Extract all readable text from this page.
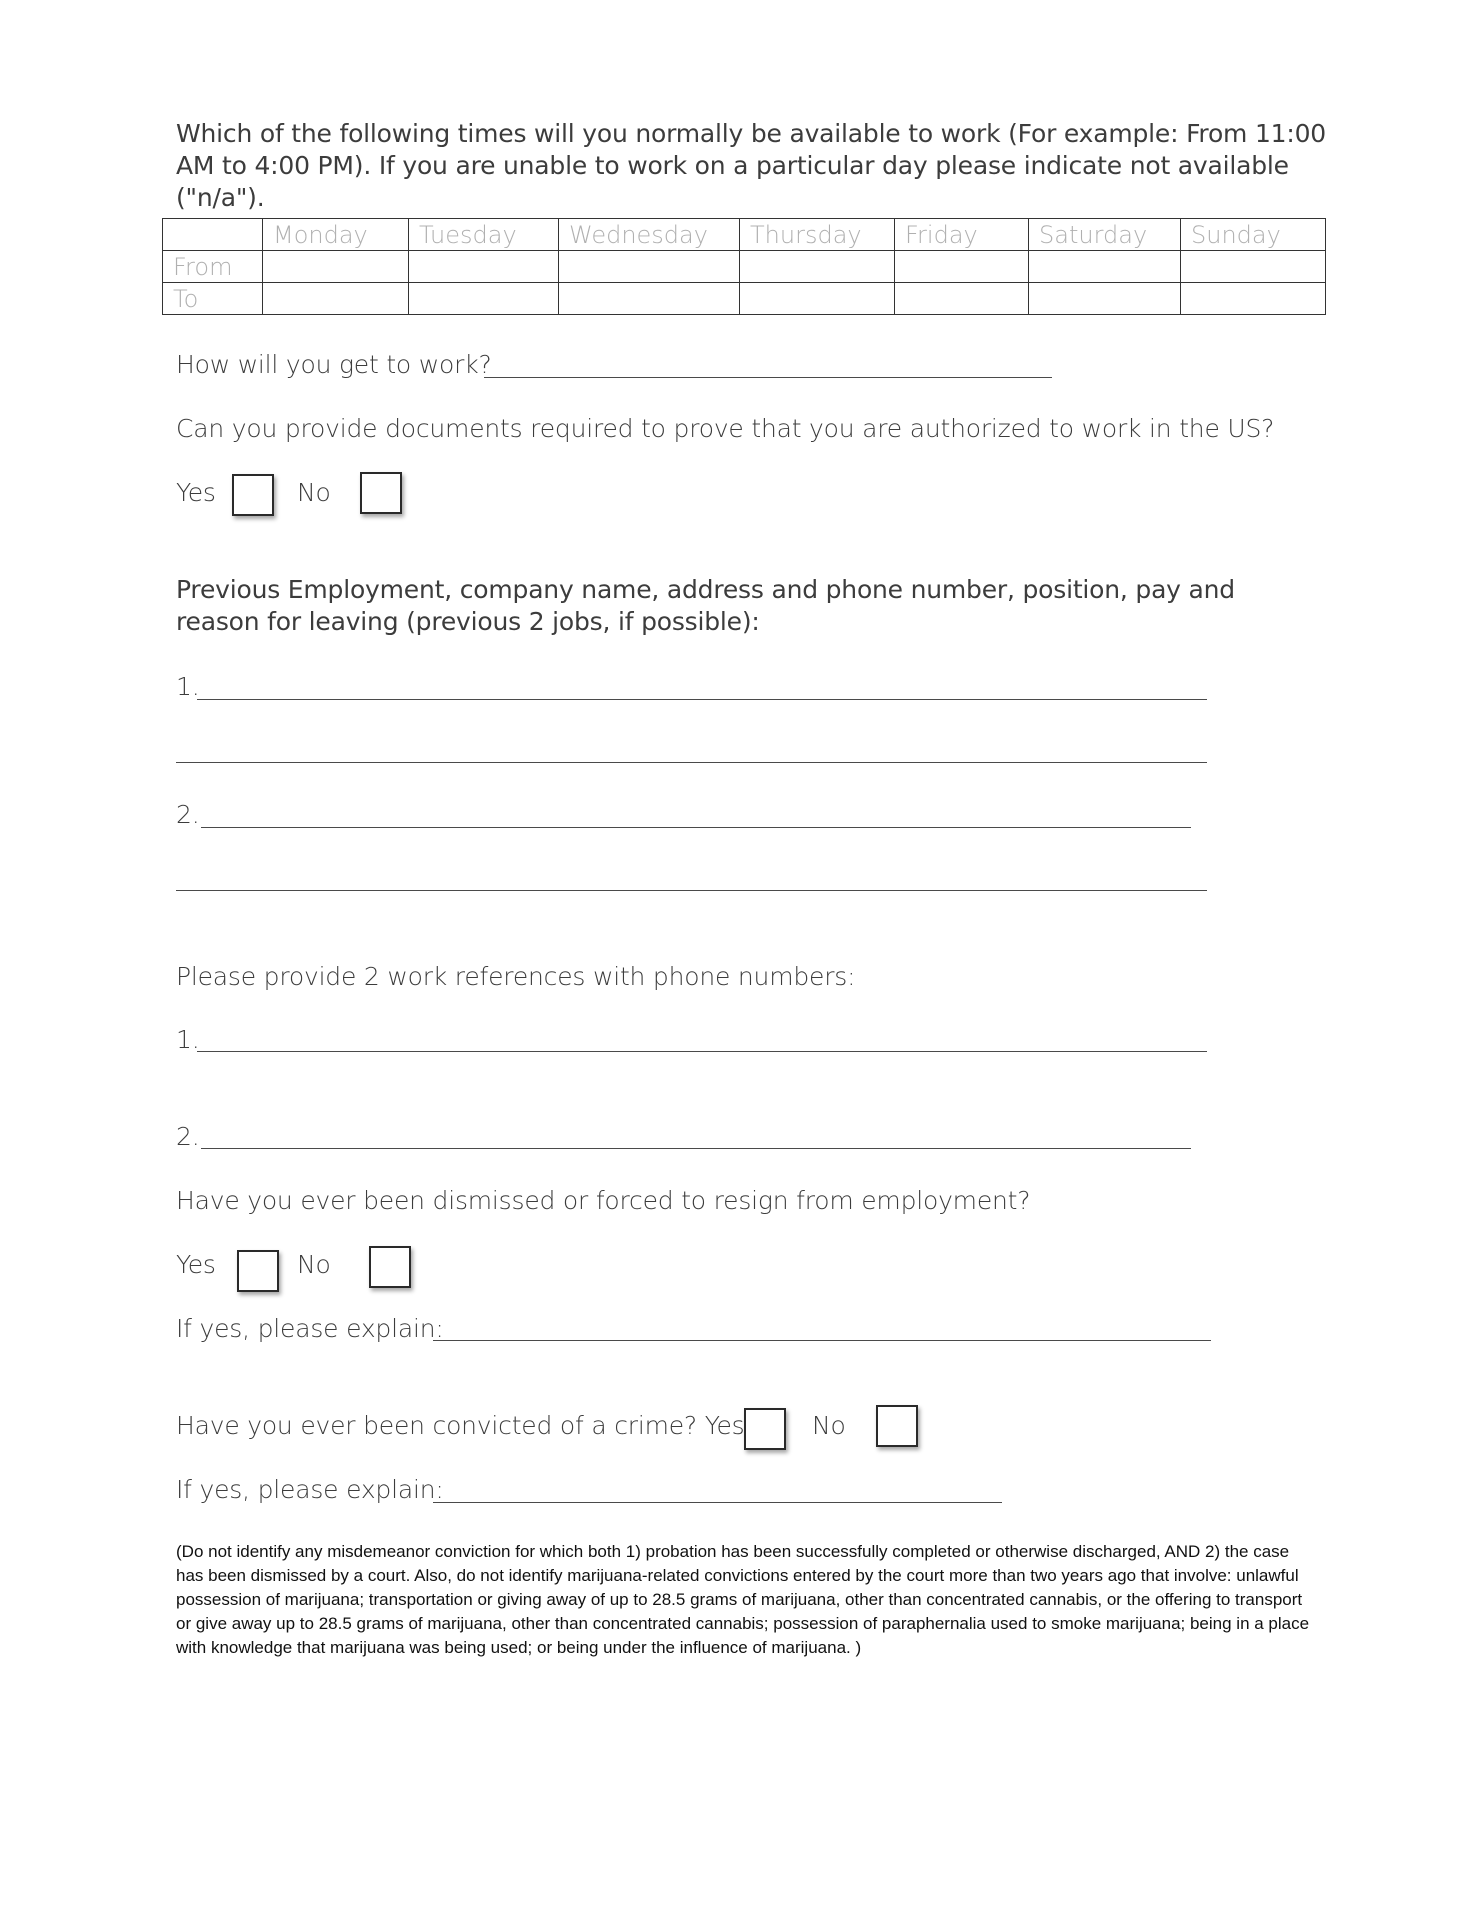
Which of the following times will you normally be available to work (For example: From 11:00 AM to 4:00 PM). If you are unable to work on a particular day please indicate not available ("n/a").
	Monday	Tuesday	Wednesday	Thursday	Friday	Saturday	Sunday
From							
To							
How will you get to work?
Can you provide documents required to prove that you are authorized to work in the US?
Yes	No
Previous Employment, company name, address and phone number, position, pay and reason for leaving (previous 2 jobs, if possible):
1.
2.
Please provide 2 work references with phone numbers:
1.
2.
Have you ever been dismissed or forced to resign from employment?
Yes	No
If yes, please explain:
Have you ever been convicted of a crime? Yes	No
If yes, please explain:
(Do not identify any misdemeanor conviction for which both 1) probation has been successfully completed or otherwise discharged, AND 2) the case has been dismissed by a court. Also, do not identify marijuana-related convictions entered by the court more than two years ago that involve: unlawful possession of marijuana; transportation or giving away of up to 28.5 grams of marijuana, other than concentrated cannabis, or the offering to transport or give away up to 28.5 grams of marijuana, other than concentrated cannabis; possession of paraphernalia used to smoke marijuana; being in a place with knowledge that marijuana was being used; or being under the influence of marijuana. )
